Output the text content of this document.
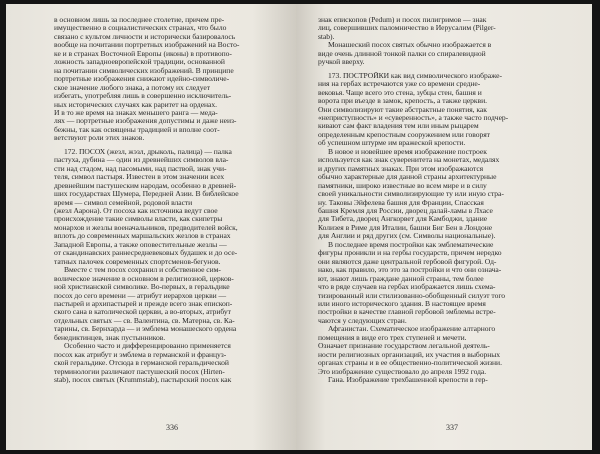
в основном лишь за последнее столетие, причем пре-
имущественно в социалистических странах, что было
связано с культом личности и исторически базировалось
вообще на почитании портретных изображений на Восто-
ке и в странах Восточной Европы (иконы) в противопо-
ложность западноевропейской традиции, основанной
на почитании символических изображений. В принципе
портретные изображения снижают идейно-символиче-
ское значение любого знака, а потому их следует
избегать, употребляя лишь в совершенно исключитель-
ных исторических случаях как раритет на орденах.
И в то же время на знаках меньшего ранга — меда-
лях — портретные изображения допустимы и даже неиз-
бежны, так как освящены традицией и вполне соот-
ветствуют роли этих знаков.
172. ПОСОХ (жезл, жэзл, дрыколь, палица) — палка
пастуха, дубина — один из древнейших символов вла-
сти над стадом, над пасомыми, над паствой, знак учи-
теля, символ пастыря. Известен в этом значении всех
древнейшим пастушеским народам, особенно в древней-
ших государствах Шумера, Передней Азии. В библейское
время — символ семейной, родовой власти
(жезл Аарона). От посоха как источника ведут свое
происхождение такие символы власти, как скипетры
монархов и жезлы военачальников, предводителей войск,
вплоть до современных маршальских жезлов в странах
Западной Европы, а также оповестительные жезлы —
от скандинавских раннесредневековых будашек и до осе-
татных палочек современных спортсменов-бегунов.
Вместе с тем посох сохранил и собственное сим-
волическое значение в основном в религиозной, церков-
ной христианской символике. Во-первых, в геральдике
посох до сего времени — атрибут иерархов церкви —
пастырей и архипастырей и прежде всего знак епископ-
ского сана в католической церкви, а во-вторых, атрибут
отдельных святых — св. Валентина, св. Матерна, св. Ка-
тарины, св. Бернхарда — и эмблема монашеского ордена
бенедиктинцев, знак пустынников.
Особенно часто и дифференцированно применяется
посох как атрибут и эмблема в германской и француз-
ской геральдике. Отсюда в германской геральдической
терминологии различают пастушеский посох (Hirten-
stab), посох святых (Krummstab), пастырский посох как
336
знак епископов (Pedum) и посох пилигримов — знак
лиц, совершивших паломничество в Иерусалим (Pilger-
stab).
Монашеский посох святых обычно изображается в
виде очень длинной тонкой палки со спиралевидной
ручкой вверху.
173. ПОСТРОЙКИ как вид символического изображе-
ния на гербах встречаются уже со времени средне-
вековья. Чаще всего это стена, зубцы стен, башня и
ворота при въезде в замок, крепость, а также церкви.
Они символизируют такие абстрактные понятия, как
«неприступность» и «суверенность», а также часто подчер-
кивают сам факт владения тем или иным рыцарем
определенным крепостным сооружением или говорят
об успешном штурме им вражеской крепости.
В новое и новейшее время изображение построек
используется как знак суверенитета на монетах, медалях
и других памятных знаках. При этом изображаются
обычно характерные для данной страны архитектурные
памятники, широко известные во всем мире и в силу
своей уникальности символизирующие ту или иную стра-
ну. Таковы Эйфелева башня для Франции, Спасская
башня Кремля для России, дворец далай-ламы в Лхасе
для Тибета, дворец Ангкорвет для Камбоджи, здание
Колизея в Риме для Италии, башни Биг Бен в Лондоне
для Англии и ряд других (см. Символы национальные).
В последнее время постройки как эмблематические
фигуры проникли и на гербы государств, причем нередко
они являются даже центральной гербовой фигурой. Од-
нако, как правило, это это за постройки и что они означа-
ют, знают лишь граждане данной страны, тем более
что в ряде случаев на гербах изображается лишь схема-
тизированный или стилизованно-обобщенный силуэт того
или иного исторического здания. В настоящее время
постройки в качестве главной гербовой эмблемы встре-
чаются у следующих стран.
Афганистан. Схематическое изображение алтарного
помещения в виде его трех ступеней и мечети.
Означает признание государством легальной деятель-
ности религиозных организаций, их участия в выборных
органах страны и в ее общественно-политической жизни.
Это изображение существовало до апреля 1992 года.
Гана. Изображение трехбашенной крепости в гер-
337
